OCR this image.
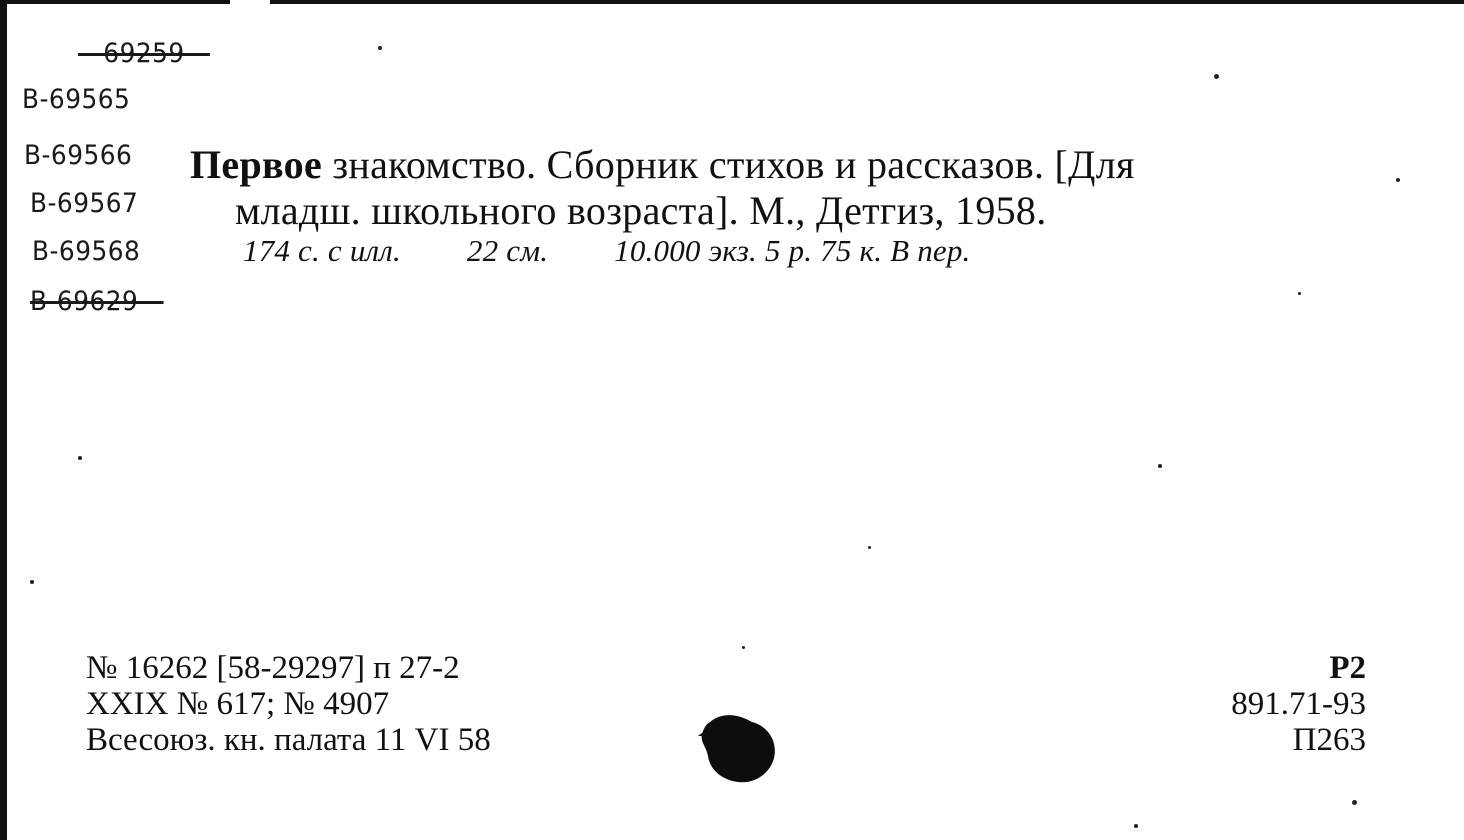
—69259—
В-69565
В-69566
В-69567
В-69568
В-69629—
Первое знакомство. Сборник стихов и рассказов. [Для
младш. школьного возраста]. М., Детгиз, 1958.
174 с. с илл. 22 см. 10.000 экз. 5 р. 75 к. В пер.
№ 16262 [58-29297] п 27-2
XXIX № 617; № 4907
Всесоюз. кн. палата 11 VI 58
Р2
891.71-93
П263
